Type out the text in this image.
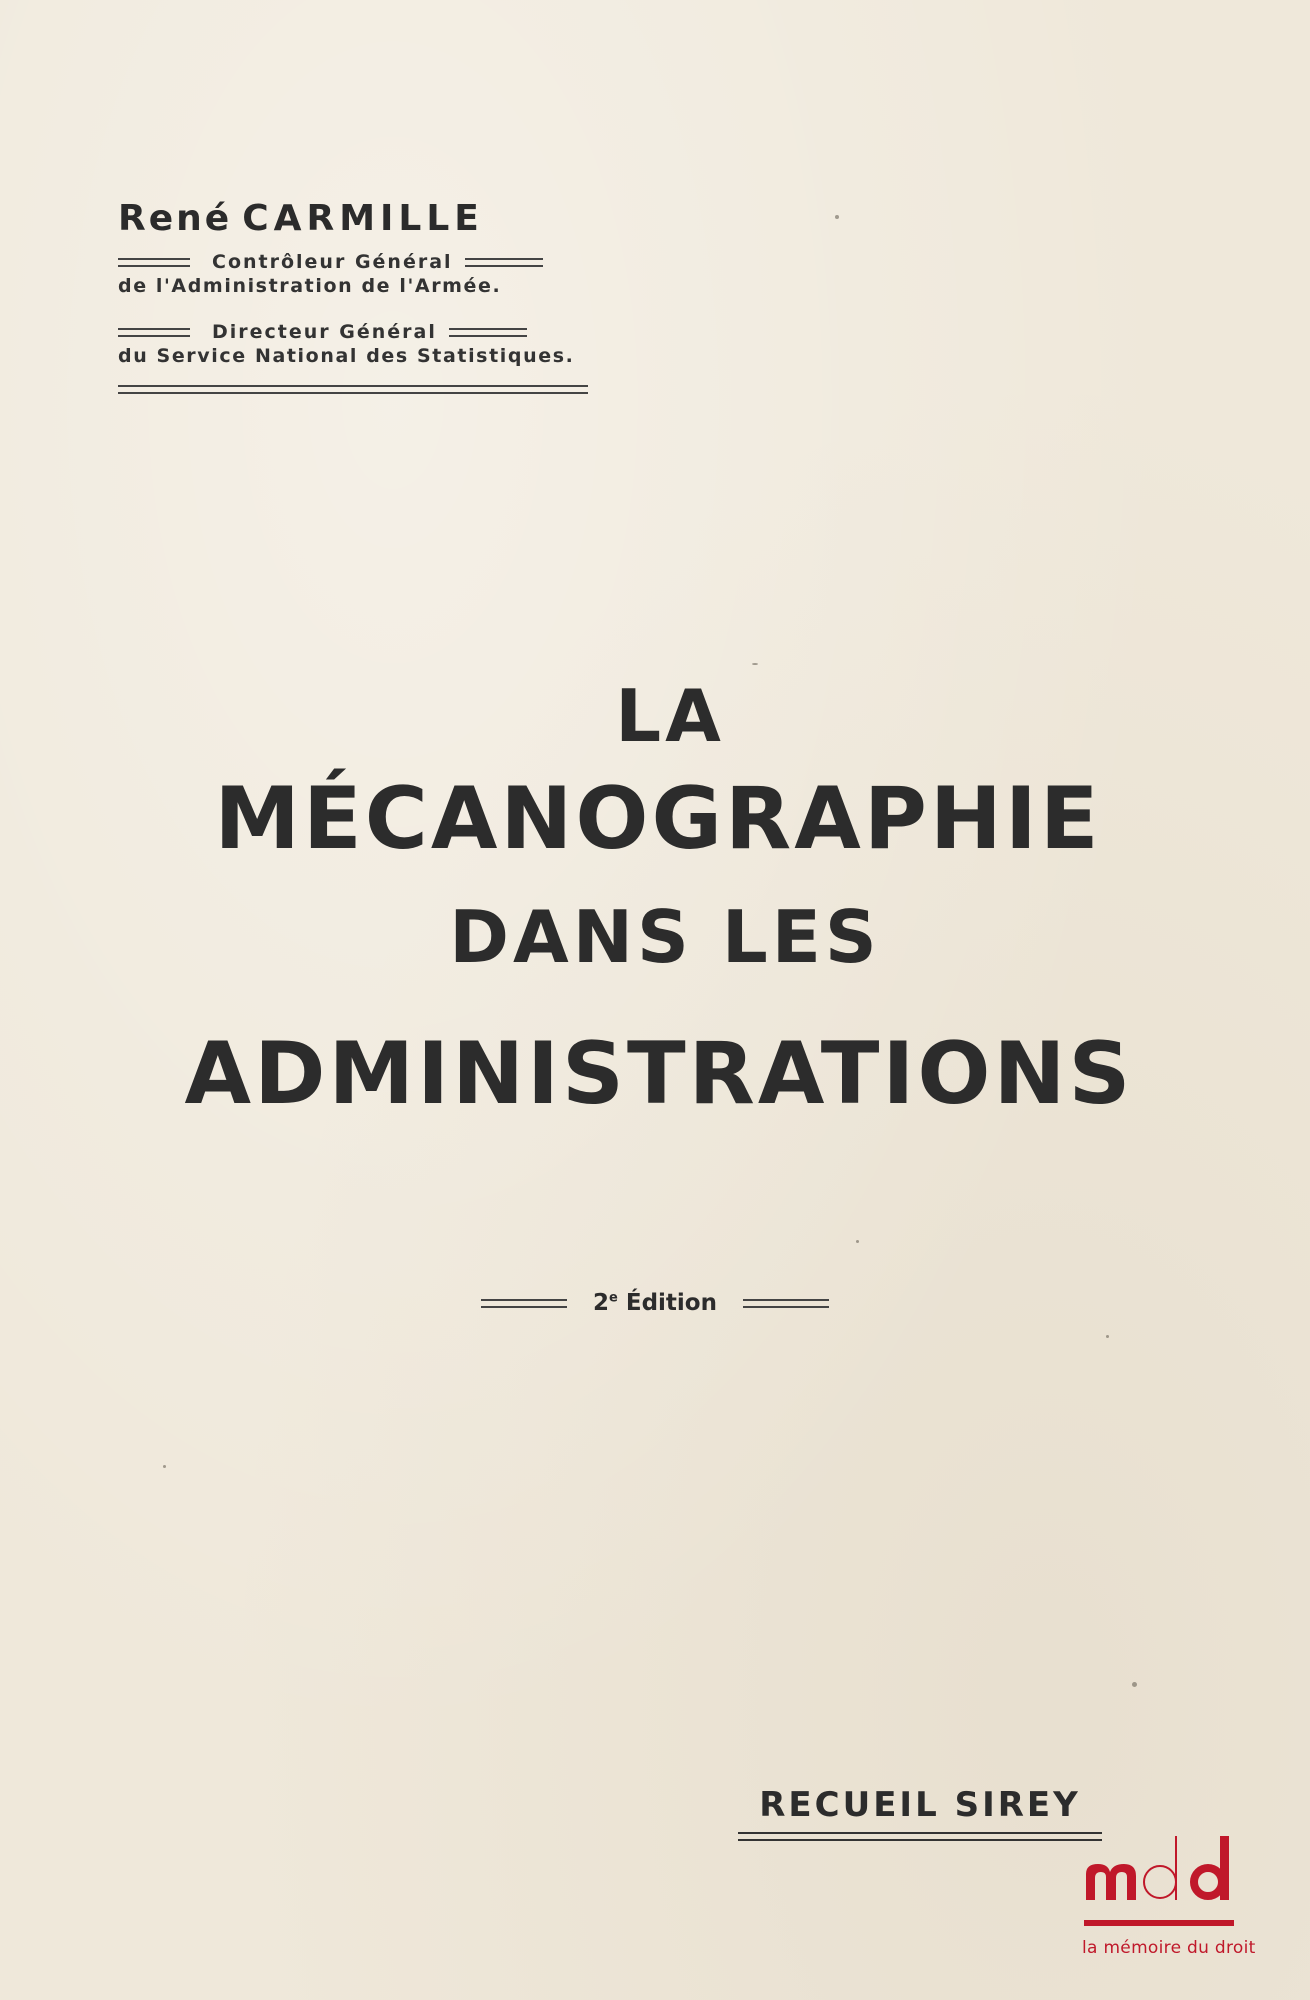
René CARMILLE
Contrôleur Général
de l'Administration de l'Armée.
Directeur Général
du Service National des Statistiques.
LA
MÉCANOGRAPHIE
DANS LES
ADMINISTRATIONS
2e Édition
RECUEIL SIREY
la mémoire du droit
